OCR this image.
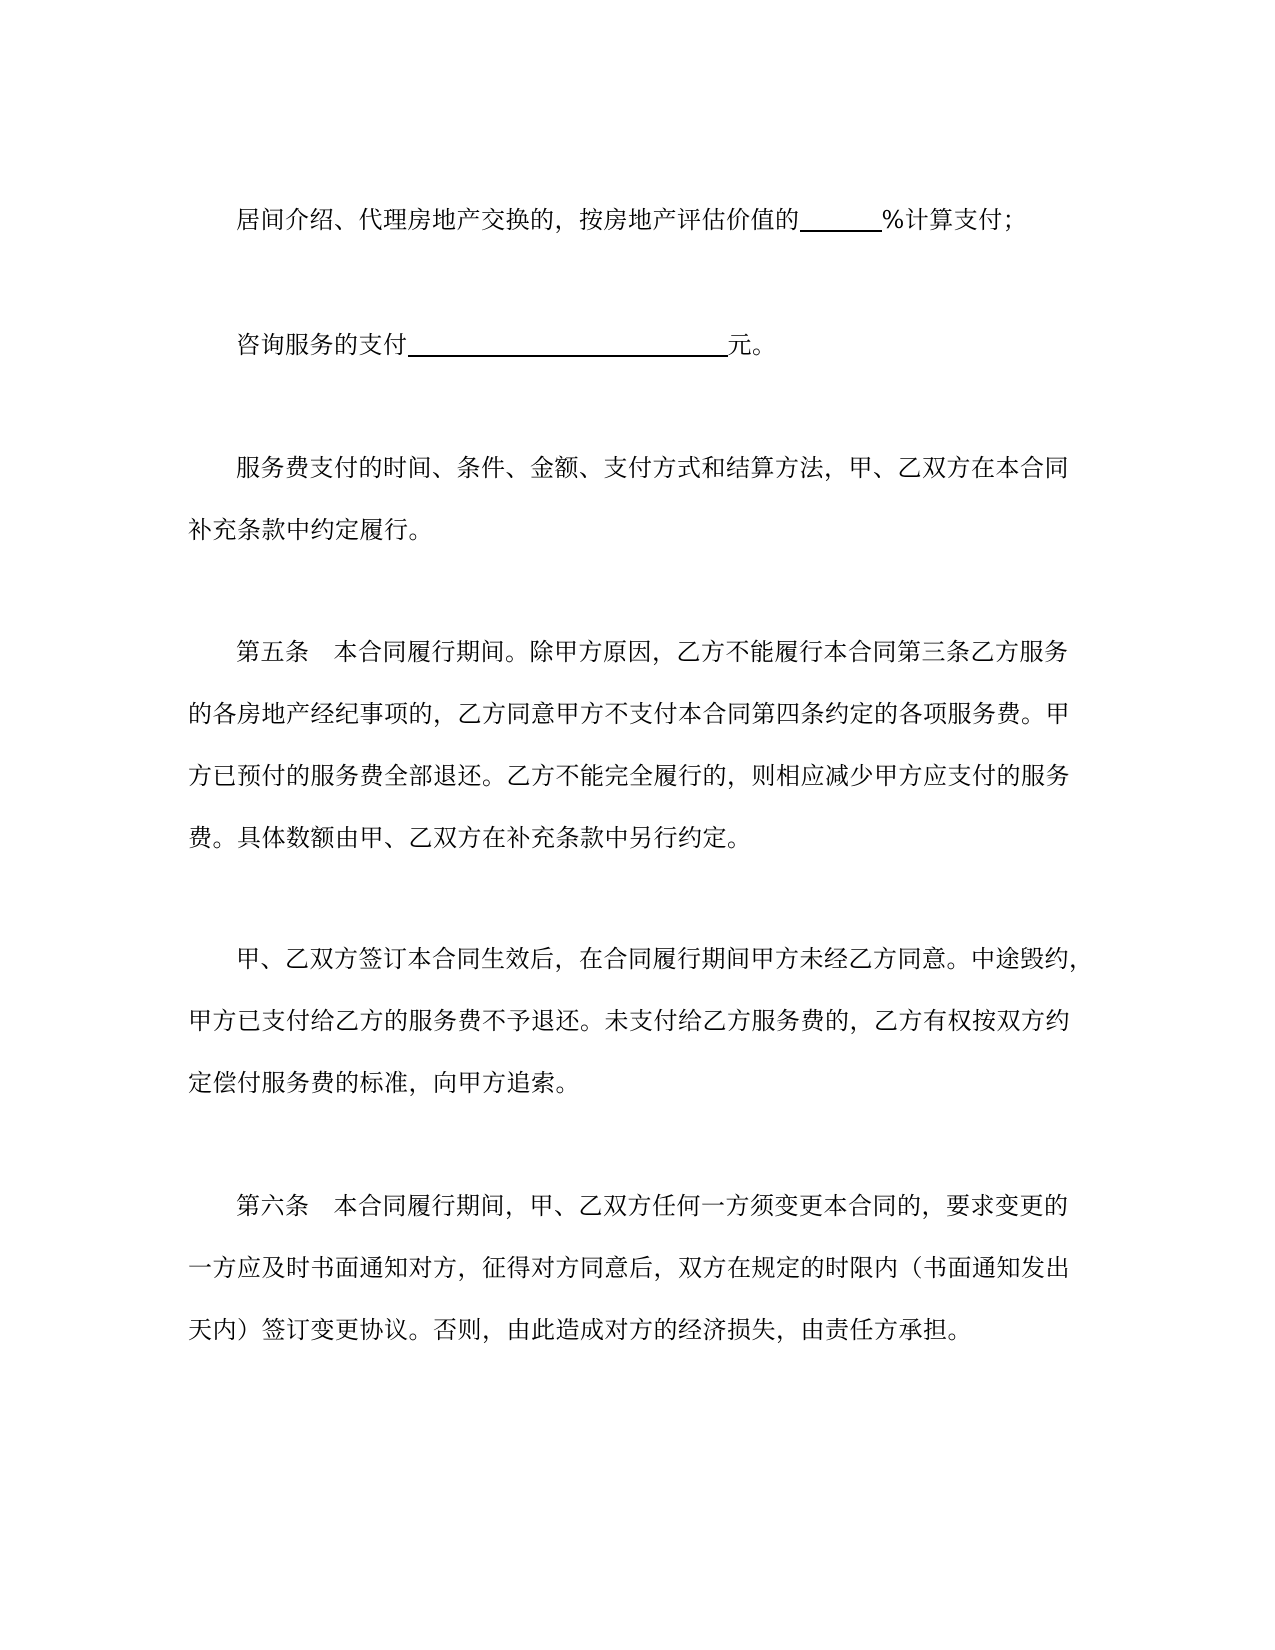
居间介绍、代理房地产交换的，按房地产评估价值的	%计算支付；
咨询服务的支付	元。
服务费支付的时间、条件、金额、支付方式和结算方法，甲、乙双方在本合同
补充条款中约定履行。
第五条 本合同履行期间。除甲方原因，乙方不能履行本合同第三条乙方服务
的各房地产经纪事项的，乙方同意甲方不支付本合同第四条约定的各项服务费。甲
方已预付的服务费全部退还。乙方不能完全履行的，则相应减少甲方应支付的服务
费。具体数额由甲、乙双方在补充条款中另行约定。
甲、乙双方签订本合同生效后，在合同履行期间甲方未经乙方同意。中途毁约，
甲方已支付给乙方的服务费不予退还。未支付给乙方服务费的，乙方有权按双方约
定偿付服务费的标准，向甲方追索。
第六条 本合同履行期间，甲、乙双方任何一方须变更本合同的，要求变更的
一方应及时书面通知对方，征得对方同意后，双方在规定的时限内（书面通知发出
天内）签订变更协议。否则，由此造成对方的经济损失，由责任方承担。
